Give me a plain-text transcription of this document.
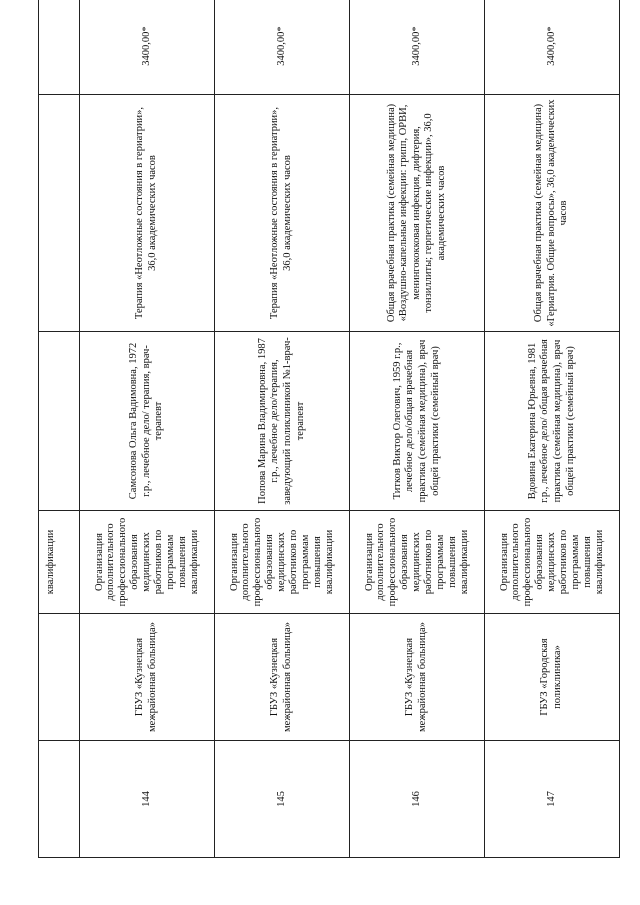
		квалификации			

144	ГБУЗ «Кузнецкая межрайонная больница»	Организация дополнительного профессионального образования медицинских работников по программам повышения квалификации	Самсонова Ольга Вадимовна, 1972 г.р., лечебное дело/ терапия, врач-терапевт	Терапия «Неотложные состояния в гериатрии», 36,0 академических часов	3400,00*
145	ГБУЗ «Кузнецкая межрайонная больница»	Организация дополнительного профессионального образования медицинских работников по программам повышения квалификации	Попова Марина Владимировна, 1987 г.р., лечебное дело/терапия, заведующий поликлиникой №1-врач-терапевт	Терапия «Неотложные состояния в гериатрии», 36,0 академических часов	3400,00*
146	ГБУЗ «Кузнецкая межрайонная больница»	Организация дополнительного профессионального образования медицинских работников по программам повышения квалификации	Титков Виктор Олегович, 1959 г.р., лечебное дело/общая врачебная практика (семейная медицина), врач общей практики (семейный врач)	Общая врачебная практика (семейная медицина) «Воздушно-капельные инфекции: грипп, ОРВИ, менингококковая инфекция, дифтерия, тонзиллиты; герпетические инфекции», 36,0 академических часов	3400,00*
147	ГБУЗ «Городская поликлиника»	Организация дополнительного профессионального образования медицинских работников по программам повышения квалификации	Вдовина Екатерина Юрьевна, 1981 г.р., лечебное дело/ общая врачебная практика (семейная медицина), врач общей практики (семейный врач)	Общая врачебная практика (семейная медицина) «Гериатрия. Общие вопросы», 36,0 академических часов	3400,00*
